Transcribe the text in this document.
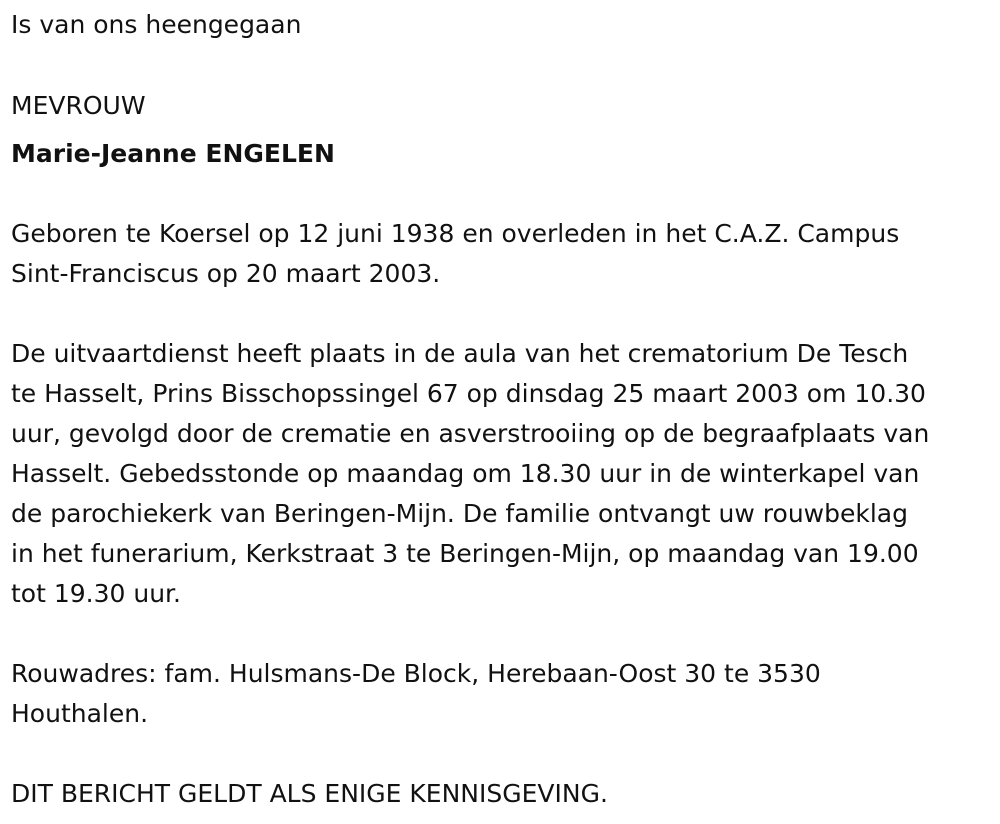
Is van ons heengegaan
MEVROUW
Marie-Jeanne ENGELEN
Geboren te Koersel op 12 juni 1938 en overleden in het C.A.Z. Campus
Sint-Franciscus op 20 maart 2003.
De uitvaartdienst heeft plaats in de aula van het crematorium De Tesch
te Hasselt, Prins Bisschopssingel 67 op dinsdag 25 maart 2003 om 10.30
uur, gevolgd door de crematie en asverstrooiing op de begraafplaats van
Hasselt. Gebedsstonde op maandag om 18.30 uur in de winterkapel van
de parochiekerk van Beringen-Mijn. De familie ontvangt uw rouwbeklag
in het funerarium, Kerkstraat 3 te Beringen-Mijn, op maandag van 19.00
tot 19.30 uur.
Rouwadres: fam. Hulsmans-De Block, Herebaan-Oost 30 te 3530
Houthalen.
DIT BERICHT GELDT ALS ENIGE KENNISGEVING.
